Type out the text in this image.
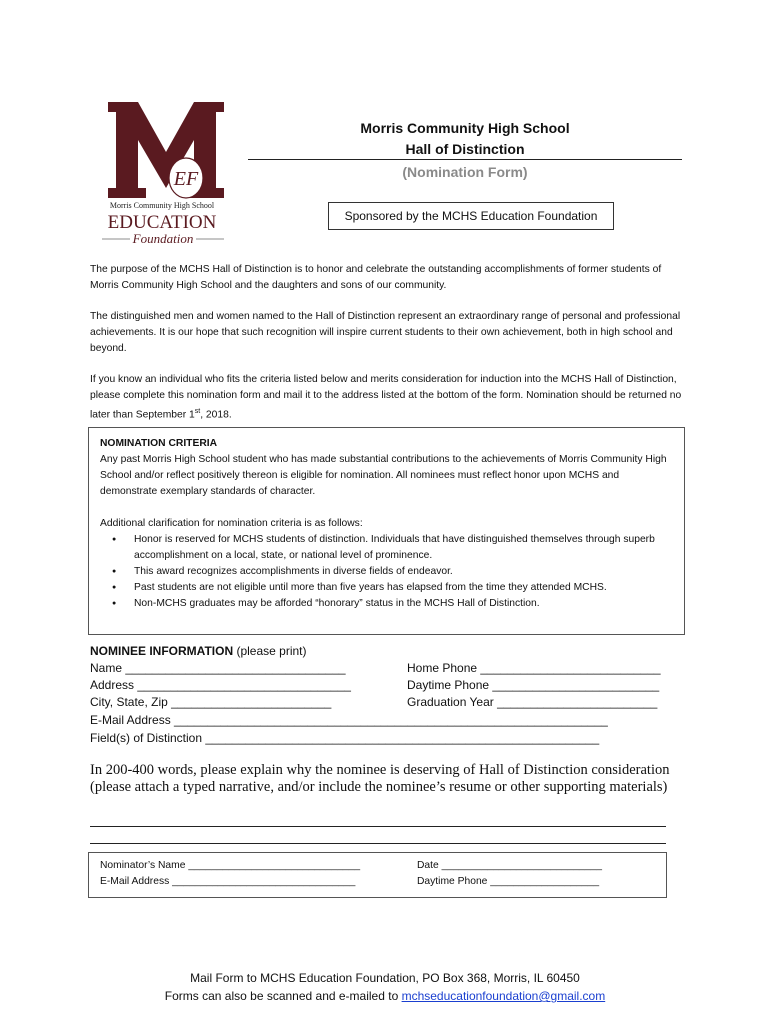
EF
Morris Community High School
EDUCATION
Foundation
Morris Community High School
Hall of Distinction
(Nomination Form)
Sponsored by the MCHS Education Foundation

The purpose of the MCHS Hall of Distinction is to honor and celebrate the outstanding accomplishments of former students of Morris Community High School and the daughters and sons of our community.

The distinguished men and women named to the Hall of Distinction represent an extraordinary range of personal and professional achievements. It is our hope that such recognition will inspire current students to their own achievement, both in high school and beyond.

If you know an individual who fits the criteria listed below and merits consideration for induction into the MCHS Hall of Distinction, please complete this nomination form and mail it to the address listed at the bottom of the form. Nomination should be returned no later than September 1st, 2018.

NOMINATION CRITERIA
Any past Morris High School student who has made substantial contributions to the achievements of Morris Community High School and/or reflect positively thereon is eligible for nomination. All nominees must reflect honor upon MCHS and demonstrate exemplary standards of character.
Additional clarification for nomination criteria is as follows:
● Honor is reserved for MCHS students of distinction. Individuals that have distinguished themselves through superb accomplishment on a local, state, or national level of prominence.
● This award recognizes accomplishments in diverse fields of endeavor.
● Past students are not eligible until more than five years has elapsed from the time they attended MCHS.
● Non-MCHS graduates may be afforded “honorary” status in the MCHS Hall of Distinction.
NOMINEE INFORMATION (please print)
Name _________________________________
Address ________________________________
City, State, Zip ________________________
Home Phone ___________________________
Daytime Phone _________________________
Graduation Year ________________________
E-Mail Address _________________________________________________________________
Field(s) of Distinction ___________________________________________________________
In 200-400 words, please explain why the nominee is deserving of Hall of Distinction consideration (please attach a typed narrative, and/or include the nominee’s resume or other supporting materials)
Nominator’s Name ______________________________
E-Mail Address ________________________________
Date ____________________________
Daytime Phone ___________________
Mail Form to MCHS Education Foundation, PO Box 368, Morris, IL 60450
Forms can also be scanned and e-mailed to mchseducationfoundation@gmail.com
